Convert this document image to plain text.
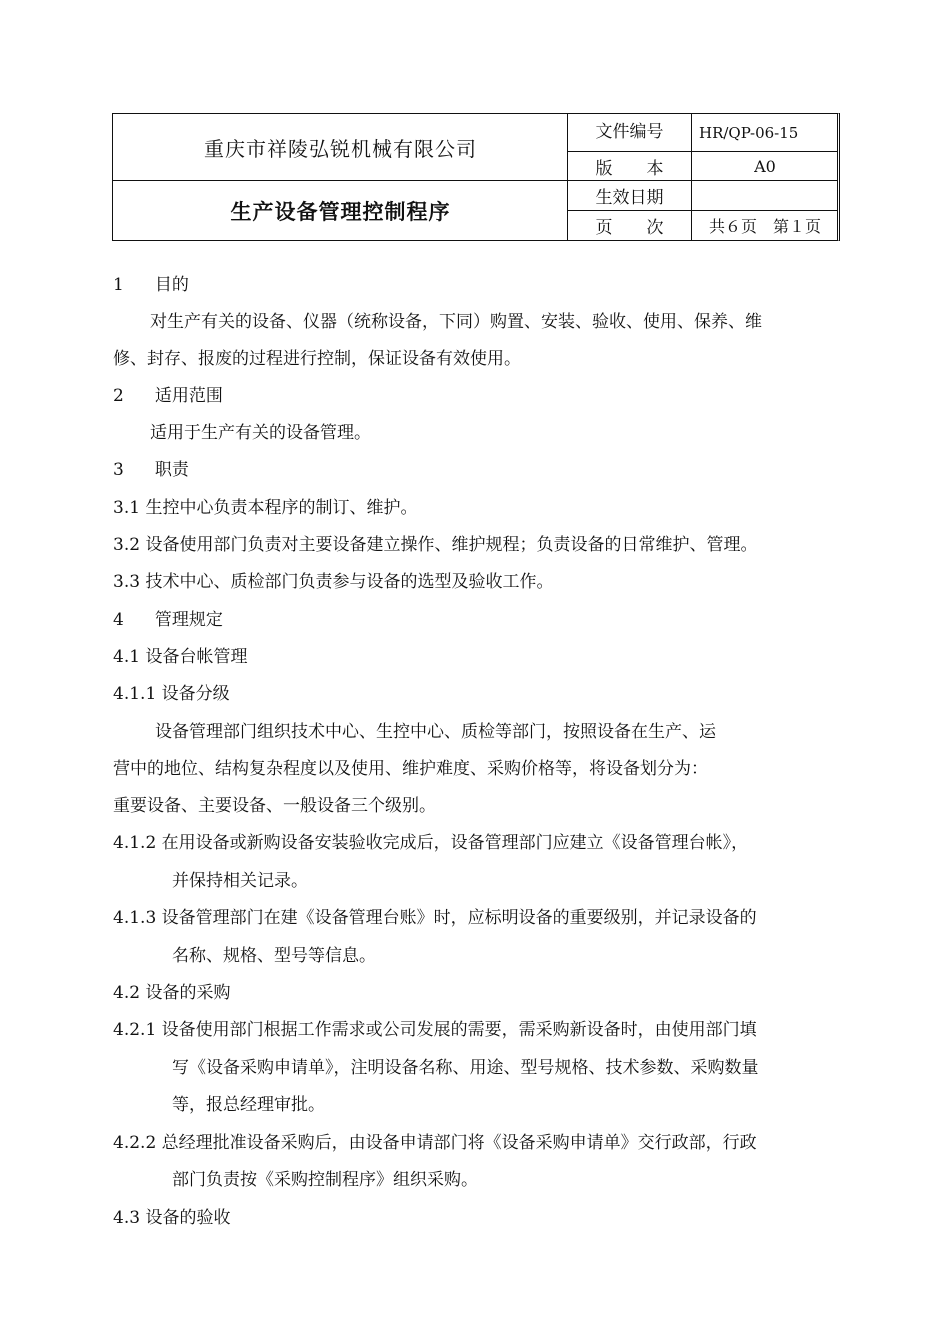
重庆市祥陵弘锐机械有限公司
生产设备管理控制程序
文件编号	HR/QP-06-15
版　　本	A0
生效日期
页　　次	共６页　第１页
1 目的
对生产有关的设备、仪器（统称设备，下同）购置、安装、验收、使用、保养、维
修、封存、报废的过程进行控制，保证设备有效使用。
2 适用范围
适用于生产有关的设备管理。
3 职责
3.1 生控中心负责本程序的制订、维护。
3.2 设备使用部门负责对主要设备建立操作、维护规程；负责设备的日常维护、管理。
3.3 技术中心、质检部门负责参与设备的选型及验收工作。
4 管理规定
4.1 设备台帐管理
4.1.1 设备分级
设备管理部门组织技术中心、生控中心、质检等部门，按照设备在生产、运
营中的地位、结构复杂程度以及使用、维护难度、采购价格等，将设备划分为：
重要设备、主要设备、一般设备三个级别。
4.1.2 在用设备或新购设备安装验收完成后，设备管理部门应建立《设备管理台帐》，
并保持相关记录。
4.1.3 设备管理部门在建《设备管理台账》时，应标明设备的重要级别，并记录设备的
名称、规格、型号等信息。
4.2 设备的采购
4.2.1 设备使用部门根据工作需求或公司发展的需要，需采购新设备时，由使用部门填
写《设备采购申请单》，注明设备名称、用途、型号规格、技术参数、采购数量
等，报总经理审批。
4.2.2 总经理批准设备采购后，由设备申请部门将《设备采购申请单》交行政部，行政
部门负责按《采购控制程序》组织采购。
4.3 设备的验收
